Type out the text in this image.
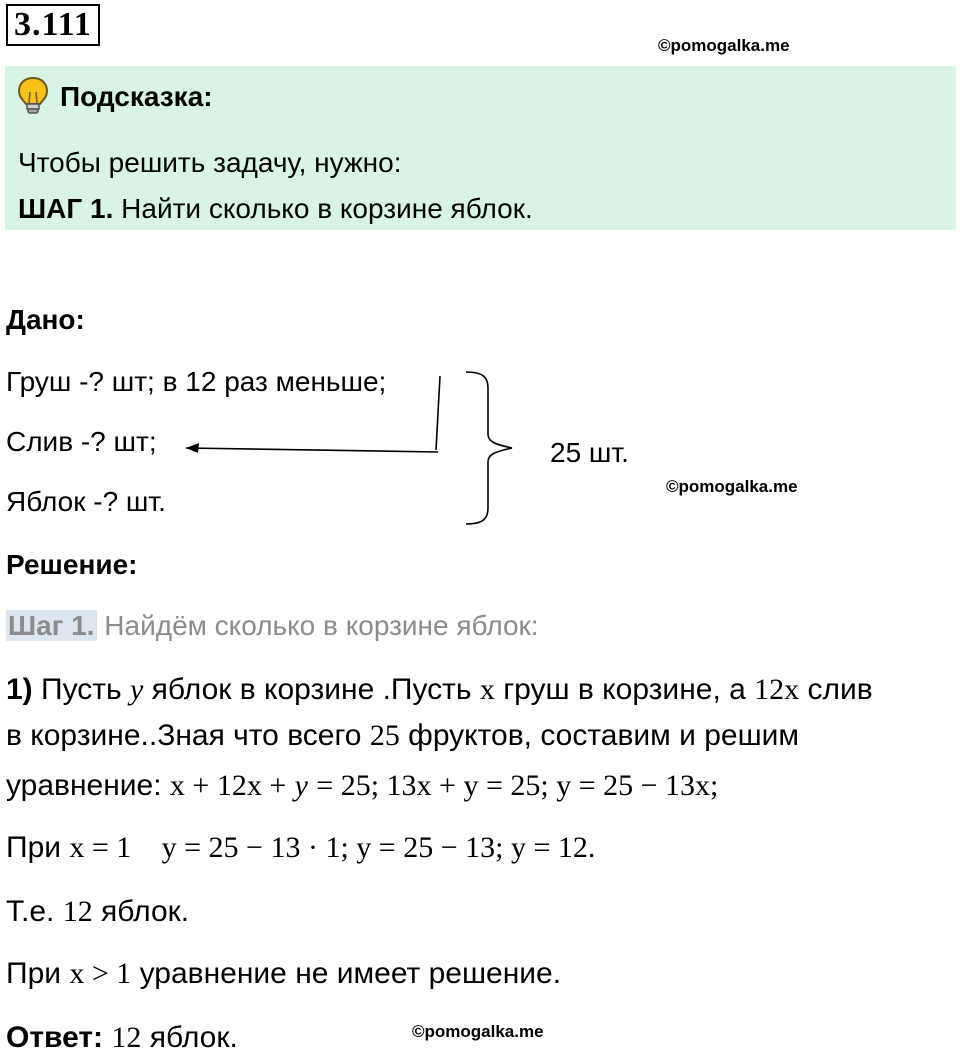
3.111
©pomogalka.me
Подсказка:
Чтобы решить задачу, нужно:
ШАГ 1. Найти сколько в корзине яблок.
Дано:
Груш -? шт; в 12 раз меньше;
Слив -? шт;
Яблок -? шт.
25 шт.
©pomogalka.me
Решение:
Шаг 1. Найдём сколько в корзине яблок:
1) Пусть y яблок в корзине .Пусть x груш в корзине, а 12x слив
в корзине..Зная что всего 25 фруктов, составим и решим
уравнение: x + 12x + y = 25; 13x + y = 25; y = 25 − 13x;
При x = 1 y = 25 − 13 · 1; y = 25 − 13; y = 12.
Т.е. 12 яблок.
При x > 1 уравнение не имеет решение.
Ответ: 12 яблок.	©pomogalka.me
